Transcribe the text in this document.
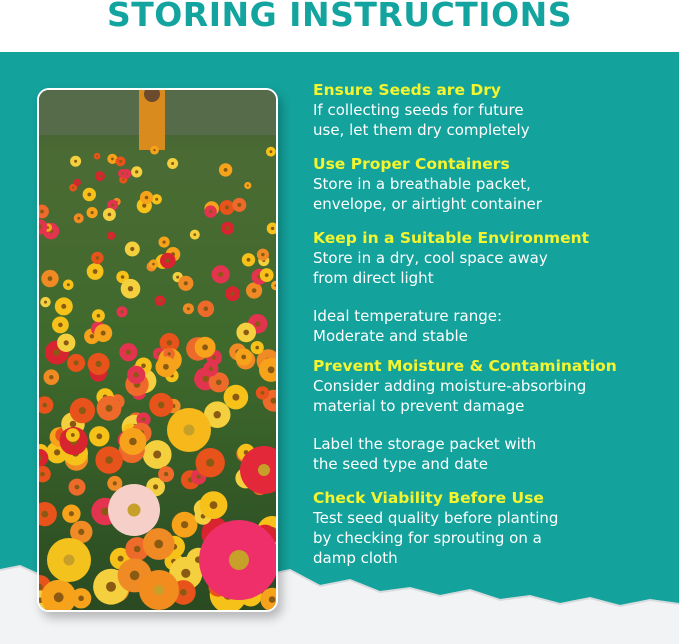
STORING INSTRUCTIONS
Ensure Seeds are Dry
If collecting seeds for future
use, let them dry completely
Use Proper Containers
Store in a breathable packet,
envelope, or airtight container
Keep in a Suitable Environment
Store in a dry, cool space away
from direct light
Ideal temperature range:
Moderate and stable
Prevent Moisture & Contamination
Consider adding moisture-absorbing
material to prevent damage
Label the storage packet with
the seed type and date
Check Viability Before Use
Test seed quality before planting
by checking for sprouting on a
damp cloth
